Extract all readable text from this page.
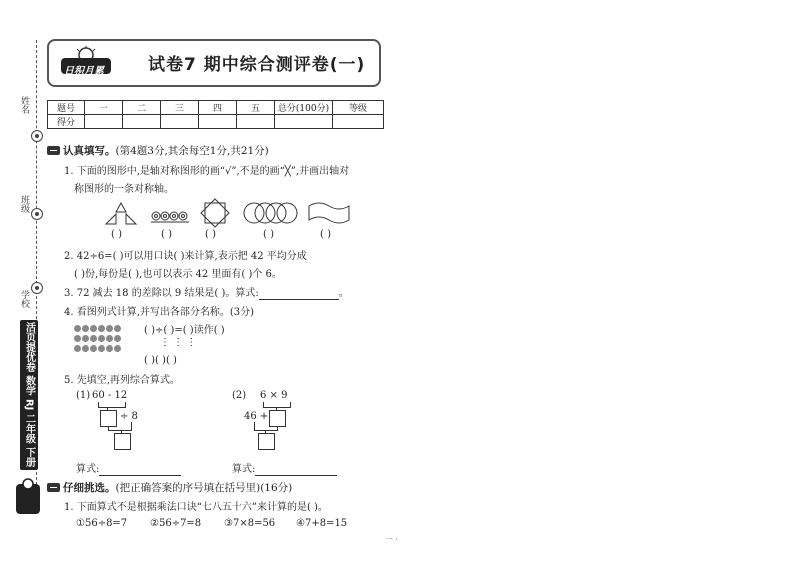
姓名
班级
学校
活页提优卷 数学 RJ 二年级 下册
日积月累	试卷7 期中综合测评卷(一)
题号	一	二	三	四	五	总分(100分)	等级
得分							
认真填写。(第4题3分,其余每空1分,共21分)
1. 下面的图形中,是轴对称图形的画“√”,不是的画“╳”,并画出轴对
称图形的一条对称轴。
( )	( )	( )	( )	( )
2. 42÷6=( )可以用口诀( )来计算,表示把 42 平均分成
( )份,每份是( ),也可以表示 42 里面有( )个 6。
3. 72 减去 18 的差除以 9 结果是( )。算式:	。
4. 看图列式计算,并写出各部分名称。(3分)
( )÷( )=( )读作( )
⋮ ⋮ ⋮
( )( )( )
5. 先填空,再列综合算式。
(1) 60 - 12
÷ 8
算式:
(2) 6 × 9
46 +
算式:
仔细挑选。(把正确答案的序号填在括号里)(16分)
1. 下面算式不是根据乘法口诀“七八五十六”来计算的是( )。
①56÷8=7 ②56÷7=8 ③7×8=56 ④7+8=15
一 ·
